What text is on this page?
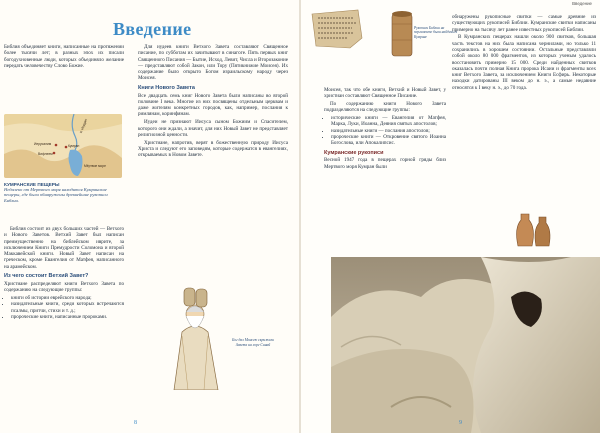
Введение

Библия объединяет книги, написанные на протяжении более тысячи лет; в разных эпох их писали богодухновенные люди, которых объединяло желание передать человечеству Слово Божие.

Р. Иордан
Иерусалим	Кумран
Вифлеем
Мёртвое море
КУМРАНСКИЕ ПЕЩЕРЫ
Недалеко от Мертвого моря находится Кумранские пещеры, где были обнаружены древнейшие рукописи Библии.

Библия состоит из двух больших частей — Ветхого и Нового Заветов. Ветхий Завет был написан преимущественно на библейском иврите, за исключением Книги Премудрости Соломона и второй Маккавейской книги. Новый Завет написан на греческом, кроме Евангелия от Матфея, написанного на арамейском.

Из чего состоит Ветхий Завет?

Христиане распределяют книги Ветхого Завета по содержанию на следующие группы:

• книги об истории еврейского народа;
• назидательные книги, среди которых встречаются псалмы, притчи, стихи и т. д.;
• пророческие книги, написанные пророками.

Для иудеев книги Ветхого Завета составляют Священное писание, по субботам их зачитывают в синагоге. Пять первых книг Священного Писания — Бытие, Исход, Левит, Числа и Второзаконие — представляют собой Закон, или Тору (Пятикнижие Моисея). Их содержание было открыто Богом израильскому народу через Моисея.

Книги Нового Завета

Все двадцать семь книг Нового Завета были написаны во второй половине I века. Многие из них посвящены отдельным церквам и даже жителям конкретных городов, как, например, послания к римлянам, коринфянам.

Иудеи не признают Иисуса сыном Божиим и Спасителем, которого они ждали, а значит, для них Новый Завет не представляет религиозной ценности.

Христиане, напротив, верят в божественную природу Иисуса Христа и следуют его заповедям, которые содержатся в евангелиях, открываемых в Новом Завете.

Бог дал Моисею скрижали Завета на горе Синай
8
Введение
Рукописи Библии на пергаменте были найдены в Кумране

Моисея, так что обе книги, Ветхий и Новый Завет, у христиан составляют Священное Писание.

По содержанию книги Нового Завета подразделяются на следующие группы:

• исторические книги — Евангелия от Матфея, Марка, Луки, Иоанна, Деяния святых апостолов;
• назидательные книги — послания апостолов;
• пророческие книги — Откровение святого Иоанна Богослова, или Апокалипсис.
Кумранские рукописи

Весной 1947 года в пещерах горной гряды близ Мертвого моря Кумран были

обнаружены рукописные свитки — самые древние из существующих рукописей Библии. Кумранские свитки написаны примерно на тысячу лет ранее известных рукописей Библии.

В Кумранских пещерах нашли около 900 свитков, большая часть текстов на них была написана чернилами, но только 11 сохранились в хорошем состоянии. Остальные представляли собой около 80 000 фрагментов, из которых ученым удалось восстановить примерно 15 000. Среди найденных свитков оказалась почти полная Книга пророка Исаии и фрагменты всех книг Ветхого Завета, за исключением Книги Есфирь. Некоторые находки датированы III веком до н. э., а самые недавние относятся к I веку н. э., до 70 года.

9
